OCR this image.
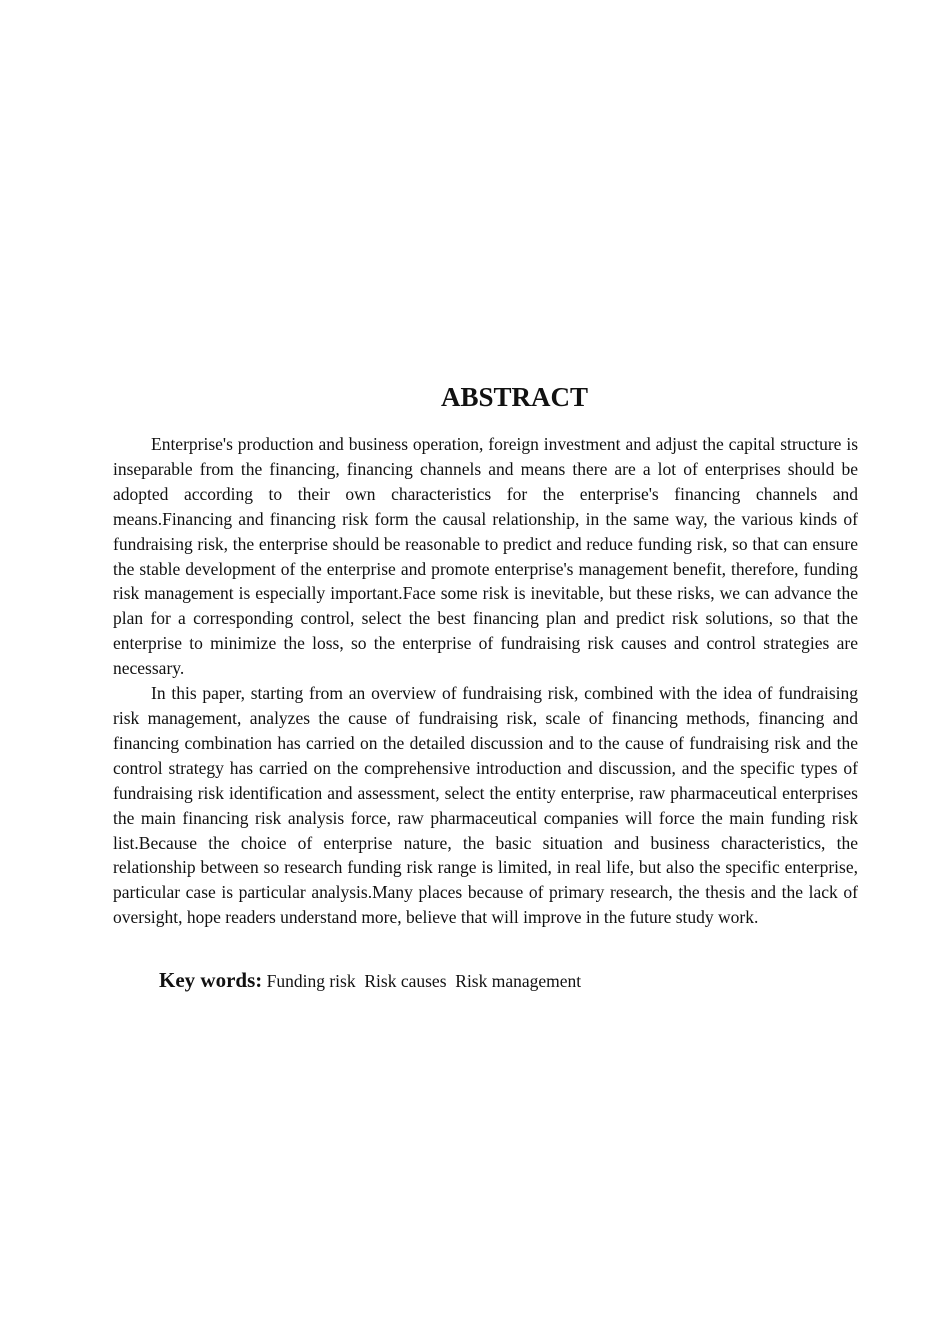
ABSTRACT

Enterprise's production and business operation, foreign investment and adjust the capital structure is inseparable from the financing, financing channels and means there are a lot of enterprises should be adopted according to their own characteristics for the enterprise's financing channels and means.Financing and financing risk form the causal relationship, in the same way, the various kinds of fundraising risk, the enterprise should be reasonable to predict and reduce funding risk, so that can ensure the stable development of the enterprise and promote enterprise's management benefit, therefore, funding risk management is especially important.Face some risk is inevitable, but these risks, we can advance the plan for a corresponding control, select the best financing plan and predict risk solutions, so that the enterprise to minimize the loss, so the enterprise of fundraising risk causes and control strategies are necessary.

In this paper, starting from an overview of fundraising risk, combined with the idea of fundraising risk management, analyzes the cause of fundraising risk, scale of financing methods, financing and financing combination has carried on the detailed discussion and to the cause of fundraising risk and the control strategy has carried on the comprehensive introduction and discussion, and the specific types of fundraising risk identification and assessment, select the entity enterprise, raw pharmaceutical enterprises the main financing risk analysis force, raw pharmaceutical companies will force the main funding risk list.Because the choice of enterprise nature, the basic situation and business characteristics, the relationship between so research funding risk range is limited, in real life, but also the specific enterprise, particular case is particular analysis.Many places because of primary research, the thesis and the lack of oversight, hope readers understand more, believe that will improve in the future study work.

Key words: Funding risk Risk causes Risk management
